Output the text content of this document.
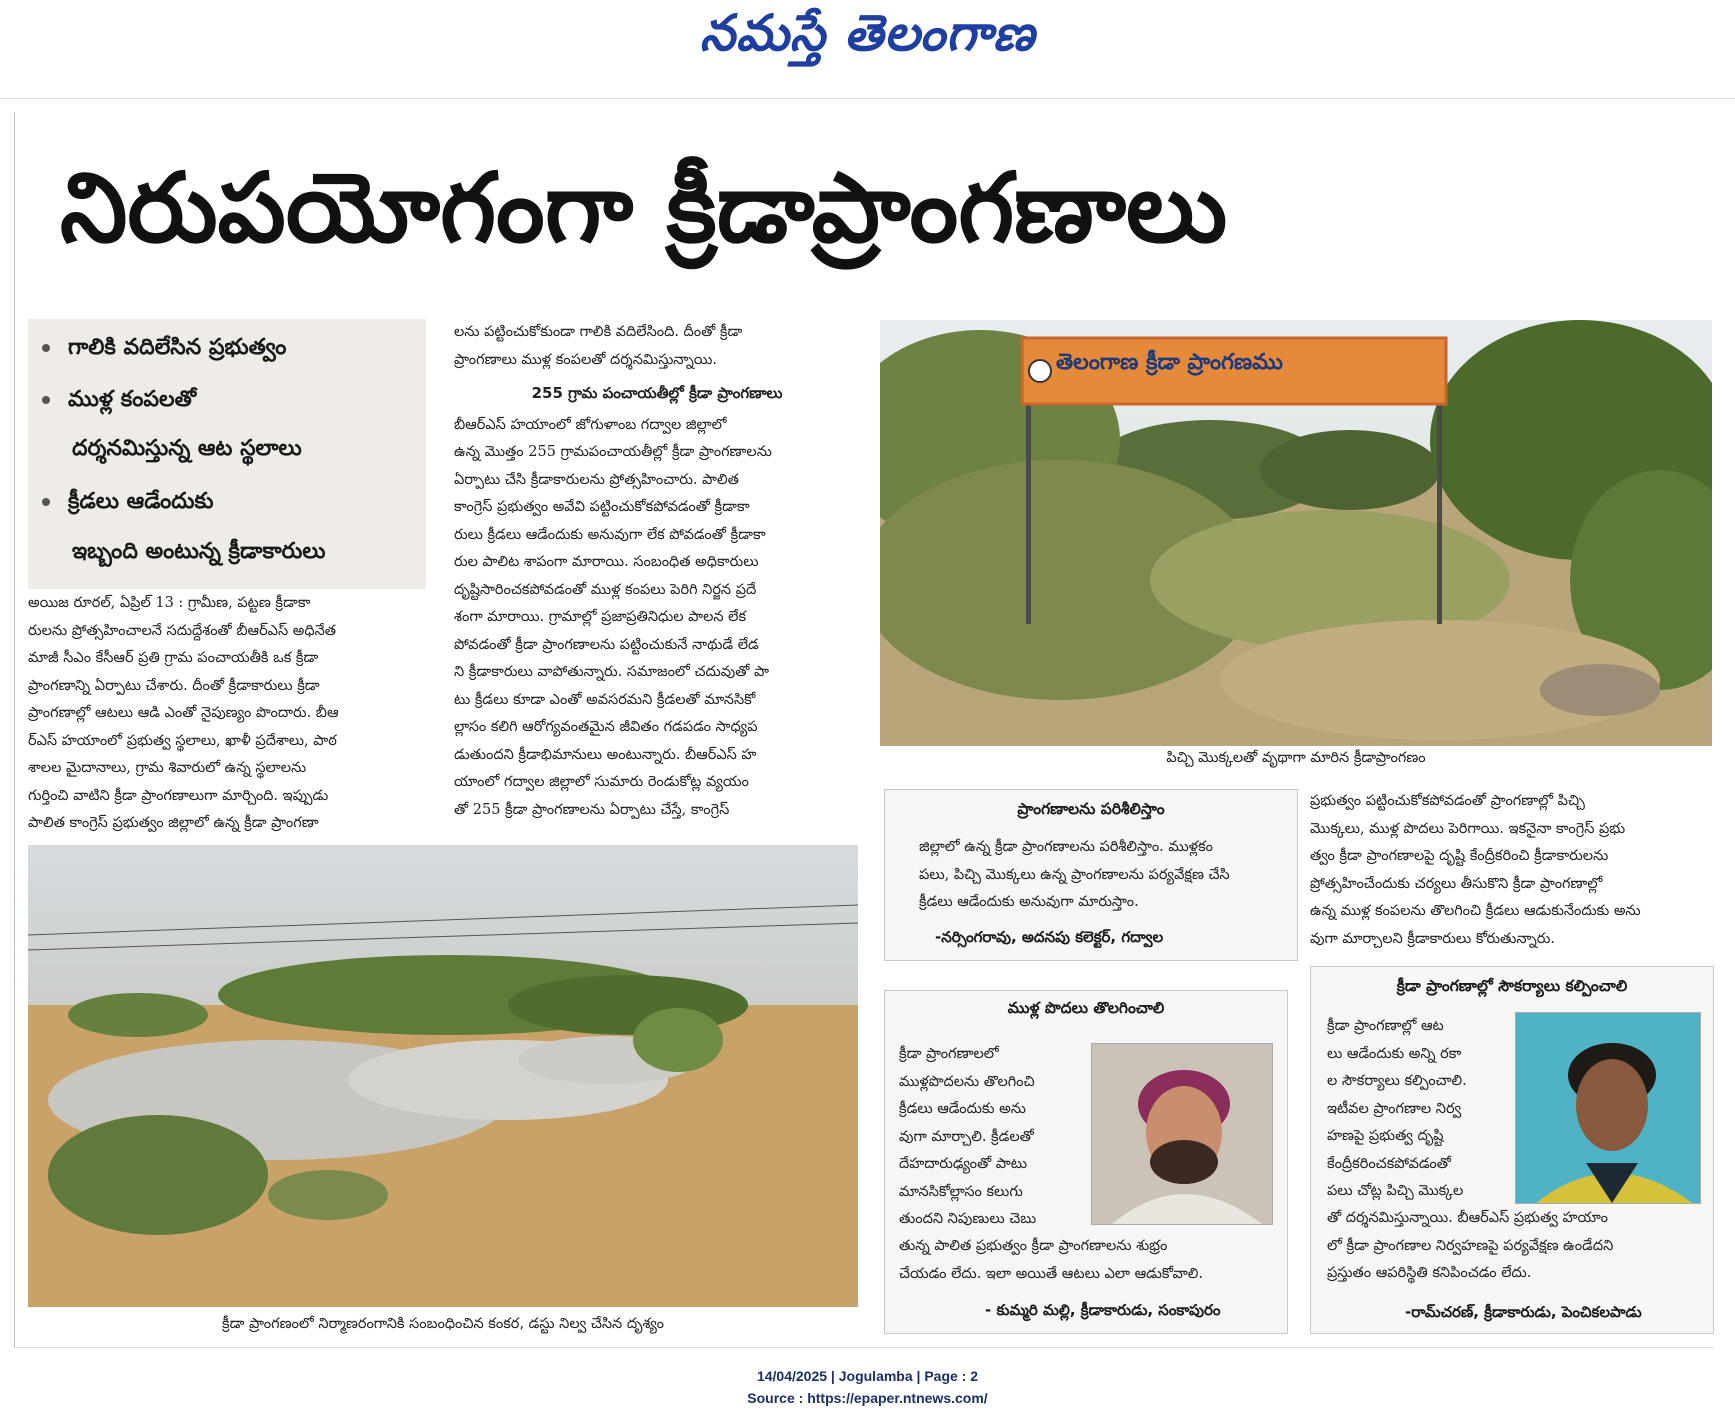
నమస్తే తెలంగాణ
నిరుపయోగంగా క్రీడాప్రాంగణాలు
గాలికి వదిలేసిన ప్రభుత్వం
ముళ్ల కంపలతో
దర్శనమిస్తున్న ఆట స్థలాలు
క్రీడలు ఆడేందుకు
ఇబ్బంది అంటున్న క్రీడాకారులు
అయిజ రూరల్, ఏప్రిల్ 13 : గ్రామీణ, పట్టణ క్రీడాకా
రులను ప్రోత్సహించాలనే సదుద్దేశంతో బీఆర్ఎస్ అధినేత
మాజీ సీఎం కేసీఆర్ ప్రతి గ్రామ పంచాయతీకి ఒక క్రీడా
ప్రాంగణాన్ని ఏర్పాటు చేశారు. దీంతో క్రీడాకారులు క్రీడా
ప్రాంగణాల్లో ఆటలు ఆడి ఎంతో నైపుణ్యం పొందారు. బీఆ
ర్ఎస్ హయాంలో ప్రభుత్వ స్థలాలు, ఖాళీ ప్రదేశాలు, పాఠ
శాలల మైదానాలు, గ్రామ శివారులో ఉన్న స్థలాలను
గుర్తించి వాటిని క్రీడా ప్రాంగణాలుగా మార్చింది. ఇప్పుడు
పాలిత కాంగ్రెస్ ప్రభుత్వం జిల్లాలో ఉన్న క్రీడా ప్రాంగణా
లను పట్టించుకోకుండా గాలికి వదిలేసింది. దీంతో క్రీడా
ప్రాంగణాలు ముళ్ల కంపలతో దర్శనమిస్తున్నాయి.
255 గ్రామ పంచాయతీల్లో క్రీడా ప్రాంగణాలు
బీఆర్ఎస్ హయాంలో జోగుళాంబ గద్వాల జిల్లాలో
ఉన్న మొత్తం 255 గ్రామపంచాయతీల్లో క్రీడా ప్రాంగణాలను
ఏర్పాటు చేసి క్రీడాకారులను ప్రోత్సహించారు. పాలిత
కాంగ్రెస్ ప్రభుత్వం అవేవి పట్టించుకోకపోవడంతో క్రీడాకా
రులు క్రీడలు ఆడేందుకు అనువుగా లేక పోవడంతో క్రీడాకా
రుల పాలిట శాపంగా మారాయి. సంబంధిత అధికారులు
దృష్టిసారించకపోవడంతో ముళ్ల కంపలు పెరిగి నిర్జన ప్రదే
శంగా మారాయి. గ్రామాల్లో ప్రజాప్రతినిధుల పాలన లేక
పోవడంతో క్రీడా ప్రాంగణాలను పట్టించుకునే నాథుడే లేడ
ని క్రీడాకారులు వాపోతున్నారు. సమాజంలో చదువుతో పా
టు క్రీడలు కూడా ఎంతో అవసరమని క్రీడలతో మానసికో
ల్లాసం కలిగి ఆరోగ్యవంతమైన జీవితం గడపడం సాధ్యప
డుతుందని క్రీడాభిమానులు అంటున్నారు. బీఆర్ఎస్ హ
యాంలో గద్వాల జిల్లాలో సుమారు రెండుకోట్ల వ్యయం
తో 255 క్రీడా ప్రాంగణాలను ఏర్పాటు చేస్తే, కాంగ్రెస్
తెలంగాణ క్రీడా ప్రాంగణము
పిచ్చి మొక్కలతో వృథాగా మారిన క్రీడాప్రాంగణం
క్రీడా ప్రాంగణంలో నిర్మాణరంగానికి సంబంధించిన కంకర, డస్టు నిల్వ చేసిన దృశ్యం
ప్రాంగణాలను పరిశీలిస్తాం
జిల్లాలో ఉన్న క్రీడా ప్రాంగణాలను పరిశీలిస్తాం. ముళ్లకం
పలు, పిచ్చి మొక్కలు ఉన్న ప్రాంగణాలను పర్యవేక్షణ చేసి
క్రీడలు ఆడేందుకు అనువుగా మారుస్తాం.
-నర్సింగరావు, అదనపు కలెక్టర్, గద్వాల
ప్రభుత్వం పట్టించుకోకపోవడంతో ప్రాంగణాల్లో పిచ్చి
మొక్కలు, ముళ్ల పొదలు పెరిగాయి. ఇకనైనా కాంగ్రెస్ ప్రభు
త్వం క్రీడా ప్రాంగణాలపై దృష్టి కేంద్రీకరించి క్రీడాకారులను
ప్రోత్సహించేందుకు చర్యలు తీసుకొని క్రీడా ప్రాంగణాల్లో
ఉన్న ముళ్ల కంపలను తొలగించి క్రీడలు ఆడుకునేందుకు అను
వుగా మార్చాలని క్రీడాకారులు కోరుతున్నారు.
ముళ్ల పొదలు తొలగించాలి
క్రీడా ప్రాంగణాలలో
ముళ్లపొదలను తొలగించి
క్రీడలు ఆడేందుకు అను
వుగా మార్చాలి. క్రీడలతో
దేహదారుఢ్యంతో పాటు
మానసికోల్లాసం కలుగు
తుందని నిపుణులు చెబు
తున్న పాలిత ప్రభుత్వం క్రీడా ప్రాంగణాలను శుభ్రం
చేయడం లేదు. ఇలా అయితే ఆటలు ఎలా ఆడుకోవాలి.
- కుమ్మరి మల్లి, క్రీడాకారుడు, సంకాపురం
క్రీడా ప్రాంగణాల్లో సౌకర్యాలు కల్పించాలి
క్రీడా ప్రాంగణాల్లో ఆట
లు ఆడేందుకు అన్ని రకా
ల సౌకర్యాలు కల్పించాలి.
ఇటీవల ప్రాంగణాల నిర్వ
హణపై ప్రభుత్వ దృష్టి
కేంద్రీకరించకపోవడంతో
పలు చోట్ల పిచ్చి మొక్కల
తో దర్శనమిస్తున్నాయి. బీఆర్ఎస్ ప్రభుత్వ హయాం
లో క్రీడా ప్రాంగణాల నిర్వహణపై పర్యవేక్షణ ఉండేదని
ప్రస్తుతం ఆపరిస్థితి కనిపించడం లేదు.
-రామ్‌చరణ్, క్రీడాకారుడు, పెంచికలపాడు
14/04/2025 | Jogulamba | Page : 2
Source : https://epaper.ntnews.com/
